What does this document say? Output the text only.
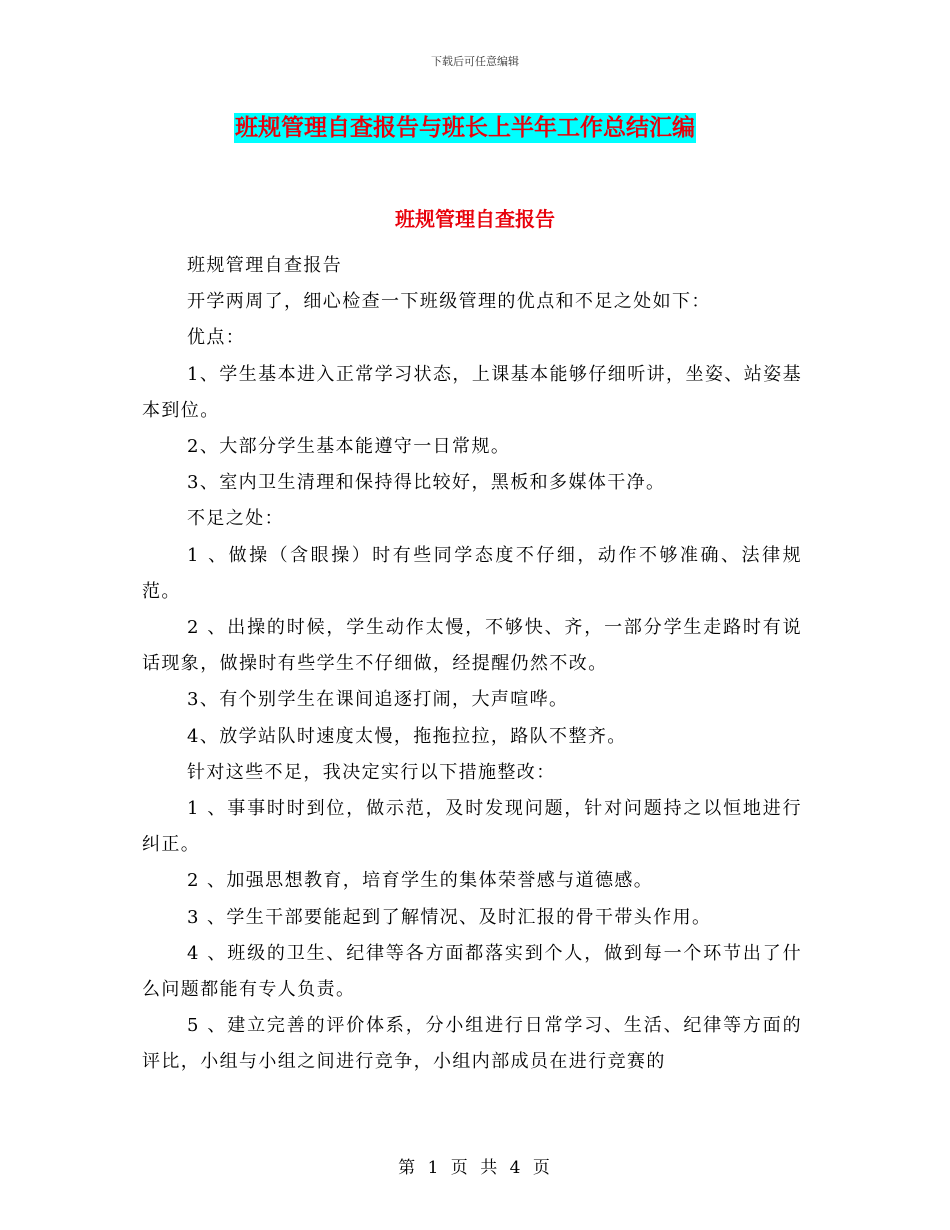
下载后可任意编辑
班规管理自查报告与班长上半年工作总结汇编
班规管理自查报告

班规管理自查报告

开学两周了，细心检查一下班级管理的优点和不足之处如下：

优点：

1、学生基本进入正常学习状态，上课基本能够仔细听讲，坐姿、站姿基本到位。

2、大部分学生基本能遵守一日常规。

3、室内卫生清理和保持得比较好，黑板和多媒体干净。

不足之处：

1 、做操（含眼操）时有些同学态度不仔细，动作不够准确、法律规范。

2 、出操的时候，学生动作太慢，不够快、齐，一部分学生走路时有说话现象，做操时有些学生不仔细做，经提醒仍然不改。

3、有个别学生在课间追逐打闹，大声喧哗。

4、放学站队时速度太慢，拖拖拉拉，路队不整齐。

针对这些不足，我决定实行以下措施整改：

1 、事事时时到位，做示范，及时发现问题，针对问题持之以恒地进行纠正。

2 、加强思想教育，培育学生的集体荣誉感与道德感。

3 、学生干部要能起到了解情况、及时汇报的骨干带头作用。

4 、班级的卫生、纪律等各方面都落实到个人，做到每一个环节出了什么问题都能有专人负责。

5 、建立完善的评价体系，分小组进行日常学习、生活、纪律等方面的评比，小组与小组之间进行竞争，小组内部成员在进行竞赛的

第 1 页 共 4 页
